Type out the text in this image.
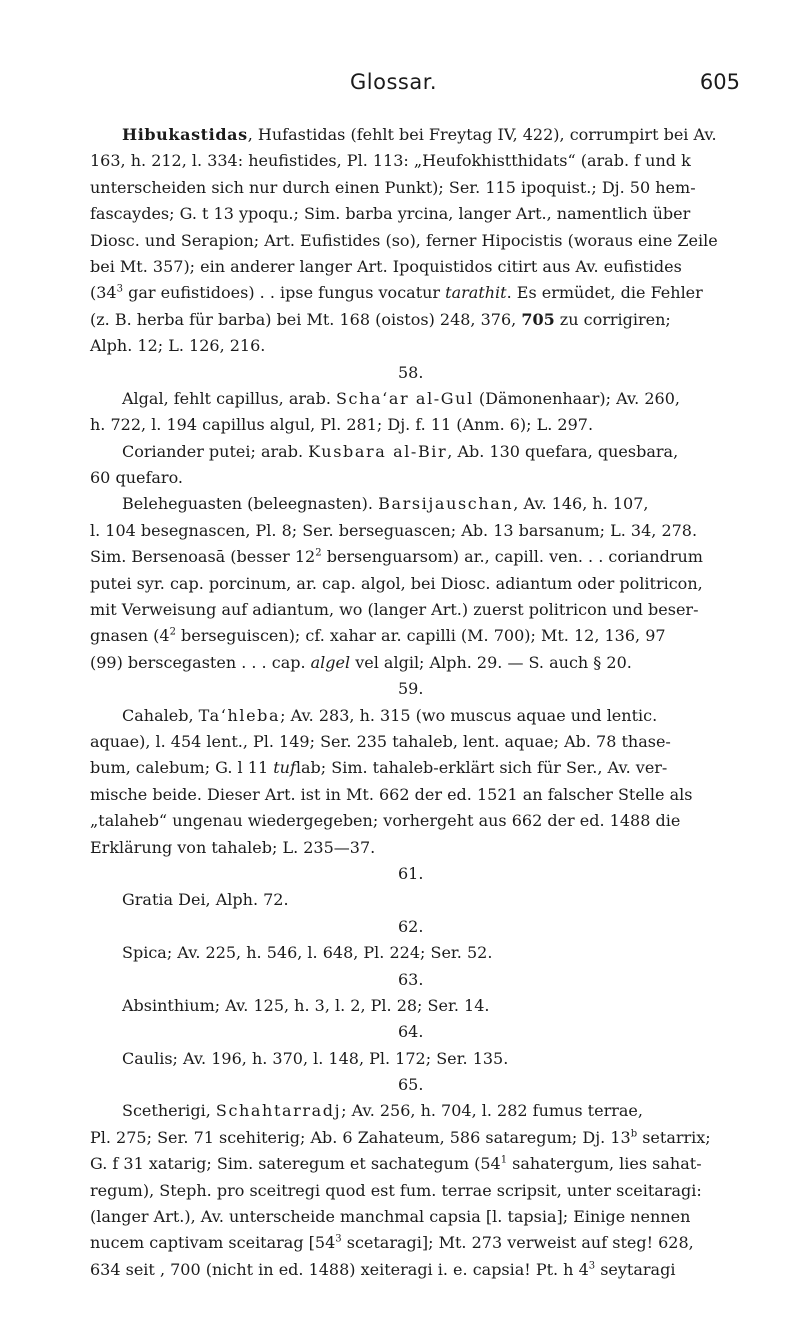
Glossar.	605
Hibukastidas, Hufastidas (fehlt bei Freytag IV, 422), corrumpirt bei Av.
163, h. 212, l. 334: heufistides, Pl. 113: „Heufokhistthidats“ (arab. f und k
unterscheiden sich nur durch einen Punkt); Ser. 115 ipoquist.; Dj. 50 hem-
fascaydes; G. t 13 ypoqu.; Sim. barba yrcina, langer Art., namentlich über
Diosc. und Serapion; Art. Eufistides (so), ferner Hipocistis (woraus eine Zeile
bei Mt. 357); ein anderer langer Art. Ipoquistidos citirt aus Av. eufistides
($34^3$ gar eufistidoes) . . ipse fungus vocatur tarathit. Es ermüdet, die Fehler
(z. B. herba für barba) bei Mt. 168 (oistos) 248, 376, 705 zu corrigiren;
Alph. 12; L. 126, 216.
58.
Algal, fehlt capillus, arab. Scha‘ar al-Gul (Dämonenhaar); Av. 260,
h. 722, l. 194 capillus algul, Pl. 281; Dj. f. 11 (Anm. 6); L. 297.
Coriander putei; arab. Kusbara al-Bir, Ab. 130 quefara, quesbara,
60 quefaro.
Beleheguasten (beleegnasten). Barsijauschan, Av. 146, h. 107,
l. 104 besegnascen, Pl. 8; Ser. berseguascen; Ab. 13 barsanum; L. 34, 278.
Sim. Bersenoasā (besser $12^2$ bersenguarsom) ar., capill. ven. . . coriandrum
putei syr. cap. porcinum, ar. cap. algol, bei Diosc. adiantum oder politricon,
mit Verweisung auf adiantum, wo (langer Art.) zuerst politricon und beser-
gnasen ($4^2$ berseguiscen); cf. xahar ar. capilli (M. 700); Mt. 12, 136, 97
(99) berscegasten . . . cap. algel vel algil; Alph. 29. — S. auch § 20.
59.
Cahaleb, Ta‘hleba; Av. 283, h. 315 (wo muscus aquae und lentic.
aquae), l. 454 lent., Pl. 149; Ser. 235 tahaleb, lent. aquae; Ab. 78 thase-
bum, calebum; G. l 11 tuflab; Sim. tahaleb-erklärt sich für Ser., Av. ver-
mische beide. Dieser Art. ist in Mt. 662 der ed. 1521 an falscher Stelle als
„talaheb“ ungenau wiedergegeben; vorhergeht aus 662 der ed. 1488 die
Erklärung von tahaleb; L. 235—37.
61.
Gratia Dei, Alph. 72.
62.
Spica; Av. 225, h. 546, l. 648, Pl. 224; Ser. 52.
63.
Absinthium; Av. 125, h. 3, l. 2, Pl. 28; Ser. 14.
64.
Caulis; Av. 196, h. 370, l. 148, Pl. 172; Ser. 135.
65.
Scetherigi, Schahtarradj; Av. 256, h. 704, l. 282 fumus terrae,
Pl. 275; Ser. 71 scehiterig; Ab. 6 Zahateum, 586 sataregum; Dj. 13$^b$ setarrix;
G. f 31 xatarig; Sim. sateregum et sachategum ($54^1$ sahatergum, lies sahat-
regum), Steph. pro sceitregi quod est fum. terrae scripsit, unter sceitaragi:
(langer Art.), Av. unterscheide manchmal capsia [l. tapsia]; Einige nennen
nucem captivam sceitarag [$54^3$ scetaragi]; Mt. 273 verweist auf steg! 628,
634 seit , 700 (nicht in ed. 1488) xeiteragi i. e. capsia! Pt. h $4^3$ seytaragi
